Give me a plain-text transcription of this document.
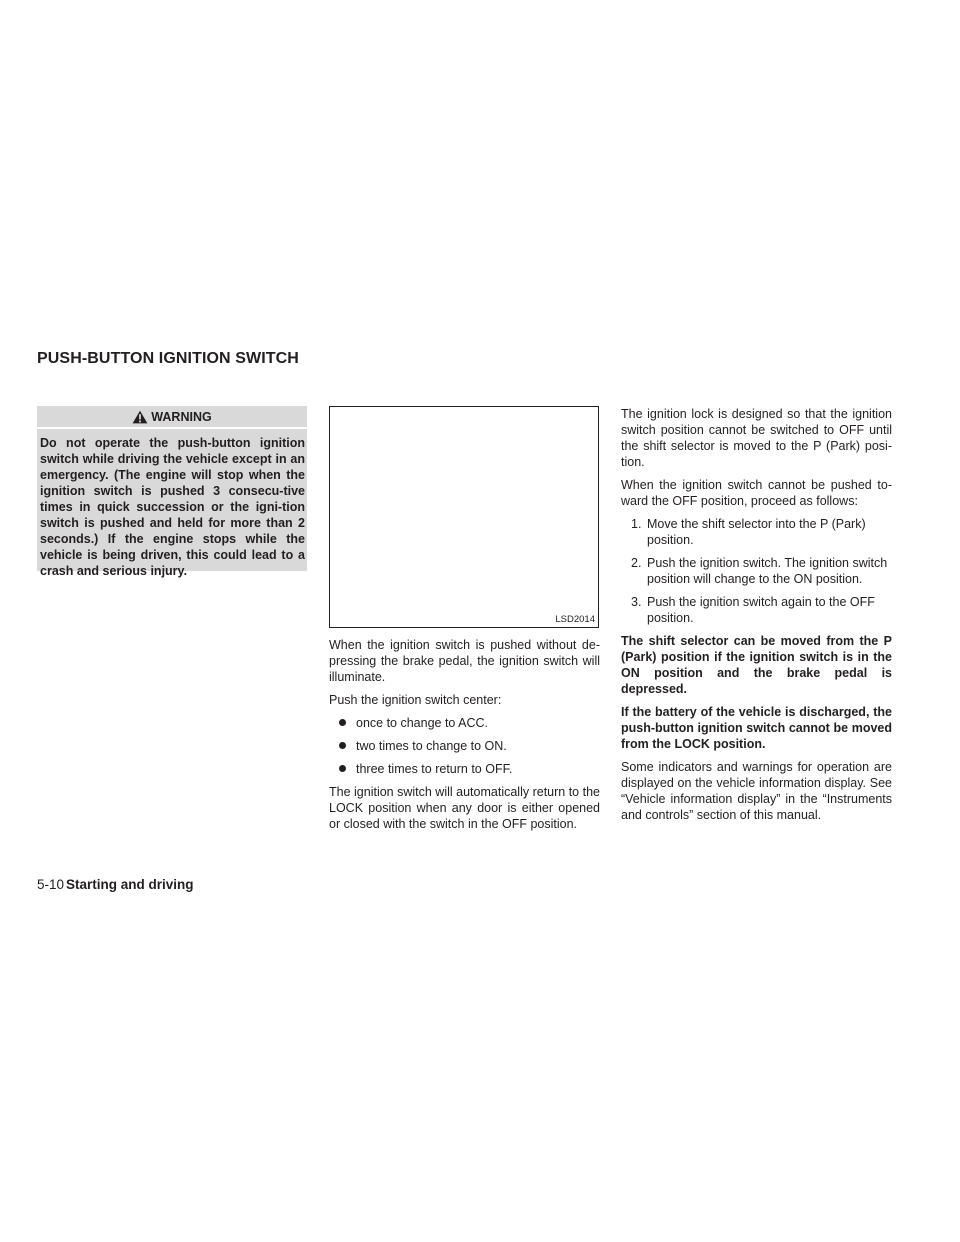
PUSH-BUTTON IGNITION SWITCH
WARNING

Do not operate the push-button ignition switch while driving the vehicle except in an emergency. (The engine will stop when the ignition switch is pushed 3 consecu-tive times in quick succession or the igni-tion switch is pushed and held for more than 2 seconds.) If the engine stops while the vehicle is being driven, this could lead to a crash and serious injury.

LSD2014

When the ignition switch is pushed without de-pressing the brake pedal, the ignition switch will illuminate.

Push the ignition switch center:

once to change to ACC.
two times to change to ON.
three times to return to OFF.

The ignition switch will automatically return to the LOCK position when any door is either opened or closed with the switch in the OFF position.

The ignition lock is designed so that the ignition switch position cannot be switched to OFF until the shift selector is moved to the P (Park) posi-tion.

When the ignition switch cannot be pushed to-ward the OFF position, proceed as follows:

1. Move the shift selector into the P (Park) position.
2. Push the ignition switch. The ignition switch position will change to the ON position.
3. Push the ignition switch again to the OFF position.

The shift selector can be moved from the P (Park) position if the ignition switch is in the ON position and the brake pedal is depressed.

If the battery of the vehicle is discharged, the push-button ignition switch cannot be moved from the LOCK position.

Some indicators and warnings for operation are displayed on the vehicle information display. See “Vehicle information display” in the “Instruments and controls” section of this manual.

5-10 Starting and driving
